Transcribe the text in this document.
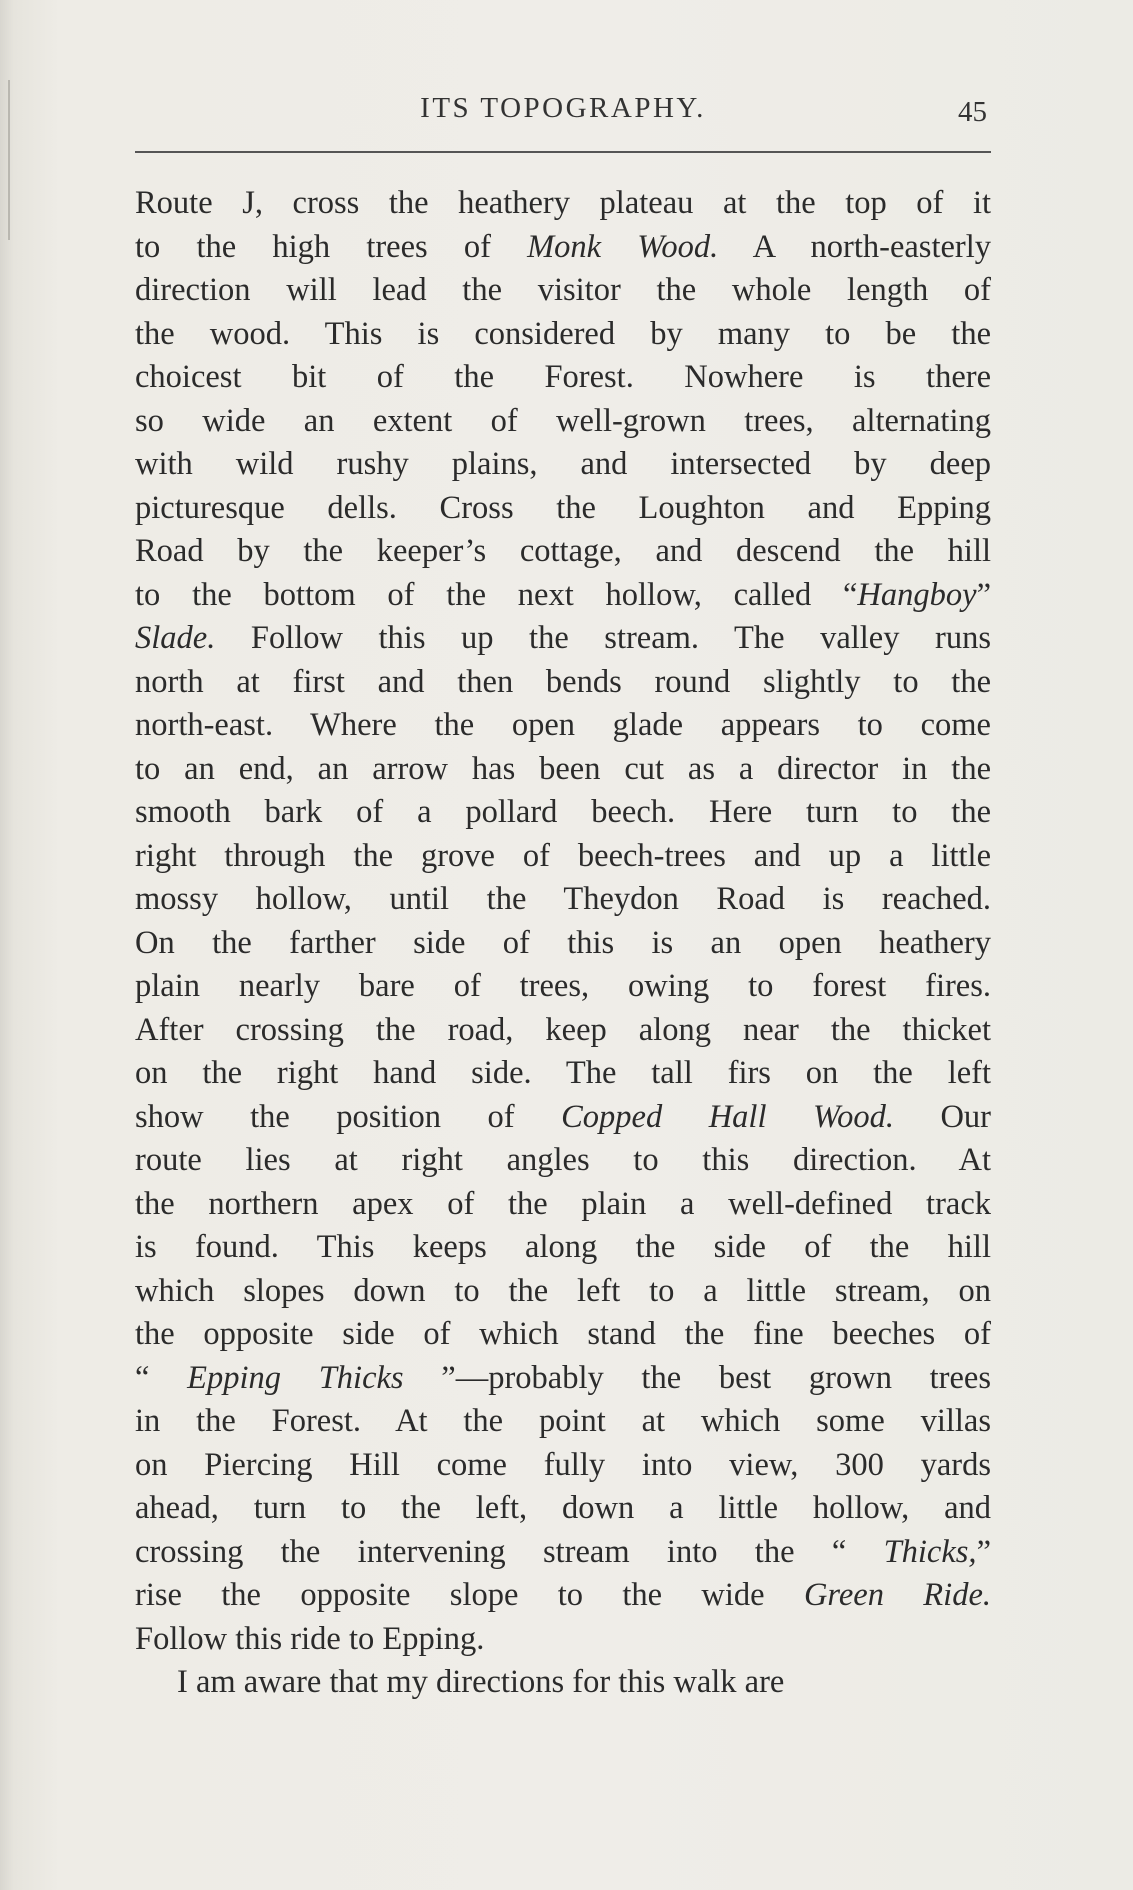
ITS TOPOGRAPHY.	45
Route J, cross the heathery plateau at the top of it
to the high trees of Monk Wood. A north-easterly
direction will lead the visitor the whole length of
the wood. This is considered by many to be the
choicest bit of the Forest. Nowhere is there
so wide an extent of well-grown trees, alternating
with wild rushy plains, and intersected by deep
picturesque dells. Cross the Loughton and Epping
Road by the keeper’s cottage, and descend the hill
to the bottom of the next hollow, called “Hangboy”
Slade. Follow this up the stream. The valley runs
north at first and then bends round slightly to the
north-east. Where the open glade appears to come
to an end, an arrow has been cut as a director in the
smooth bark of a pollard beech. Here turn to the
right through the grove of beech-trees and up a little
mossy hollow, until the Theydon Road is reached.
On the farther side of this is an open heathery
plain nearly bare of trees, owing to forest fires.
After crossing the road, keep along near the thicket
on the right hand side. The tall firs on the left
show the position of Copped Hall Wood. Our
route lies at right angles to this direction. At
the northern apex of the plain a well-defined track
is found. This keeps along the side of the hill
which slopes down to the left to a little stream, on
the opposite side of which stand the fine beeches of
“ Epping Thicks ”—probably the best grown trees
in the Forest. At the point at which some villas
on Piercing Hill come fully into view, 300 yards
ahead, turn to the left, down a little hollow, and
crossing the intervening stream into the “ Thicks,”
rise the opposite slope to the wide Green Ride.
Follow this ride to Epping.
I am aware that my directions for this walk are
